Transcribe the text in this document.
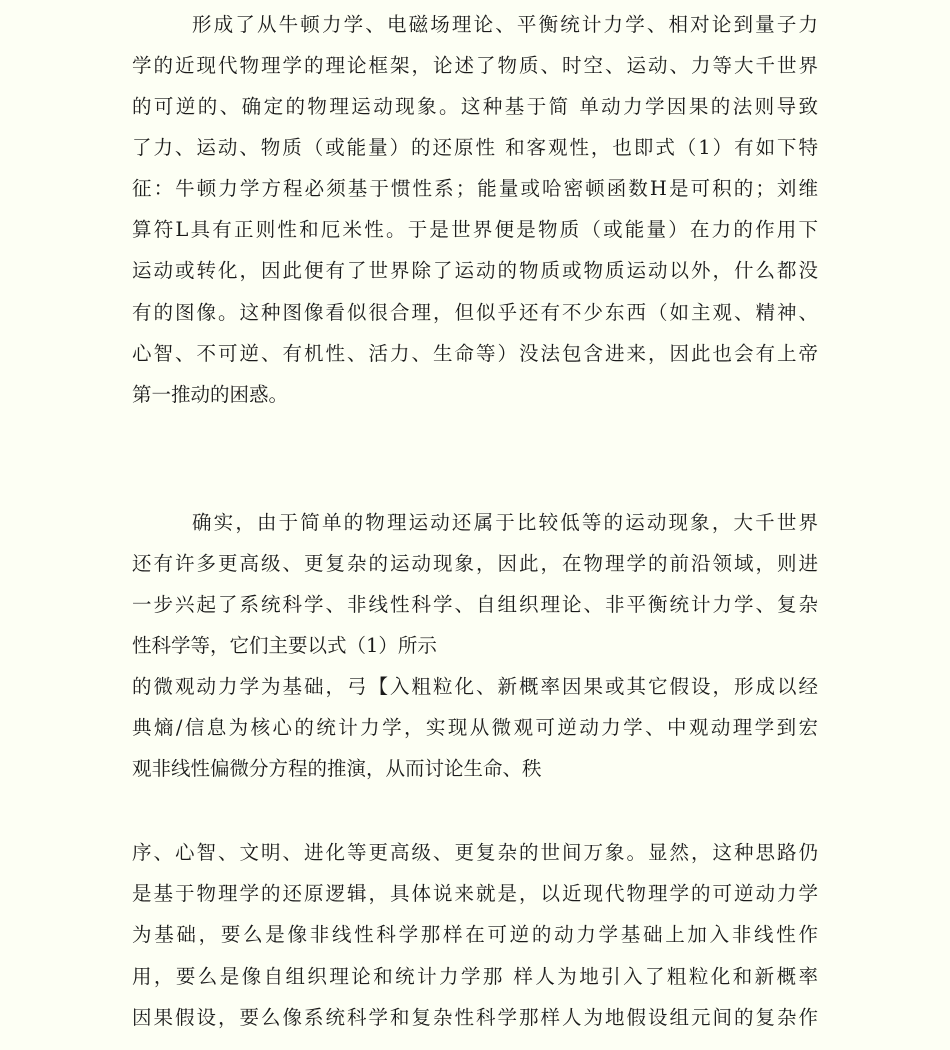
形成了从牛顿力学、电磁场理论、平衡统计力学、相对论到量子力
学的近现代物理学的理论框架，论述了物质、时空、运动、力等大千世界
的可逆的、确定的物理运动现象。这种基于简 单动力学因果的法则导致
了力、运动、物质（或能量）的还原性 和客观性，也即式（1）有如下特
征：牛顿力学方程必须基于惯性系；能量或哈密顿函数H是可积的；刘维
算符L具有正则性和厄米性。于是世界便是物质（或能量）在力的作用下
运动或转化，因此便有了世界除了运动的物质或物质运动以外，什么都没
有的图像。这种图像看似很合理，但似乎还有不少东西（如主观、精神、
心智、不可逆、有机性、活力、生命等）没法包含进来，因此也会有上帝
第一推动的困惑。
确实，由于简单的物理运动还属于比较低等的运动现象，大千世界
还有许多更高级、更复杂的运动现象，因此，在物理学的前沿领域，则进
一步兴起了系统科学、非线性科学、自组织理论、非平衡统计力学、复杂
性科学等，它们主要以式（1）所示
的微观动力学为基础，弓【入粗粒化、新概率因果或其它假设，形成以经
典熵/信息为核心的统计力学，实现从微观可逆动力学、中观动理学到宏
观非线性偏微分方程的推演，从而讨论生命、秩
序、心智、文明、进化等更高级、更复杂的世间万象。显然，这种思路仍
是基于物理学的还原逻辑，具体说来就是，以近现代物理学的可逆动力学
为基础，要么是像非线性科学那样在可逆的动力学基础上加入非线性作
用，要么是像自组织理论和统计力学那 样人为地引入了粗粒化和新概率
因果假设，要么像系统科学和复杂性科学那样人为地假设组元间的复杂作
